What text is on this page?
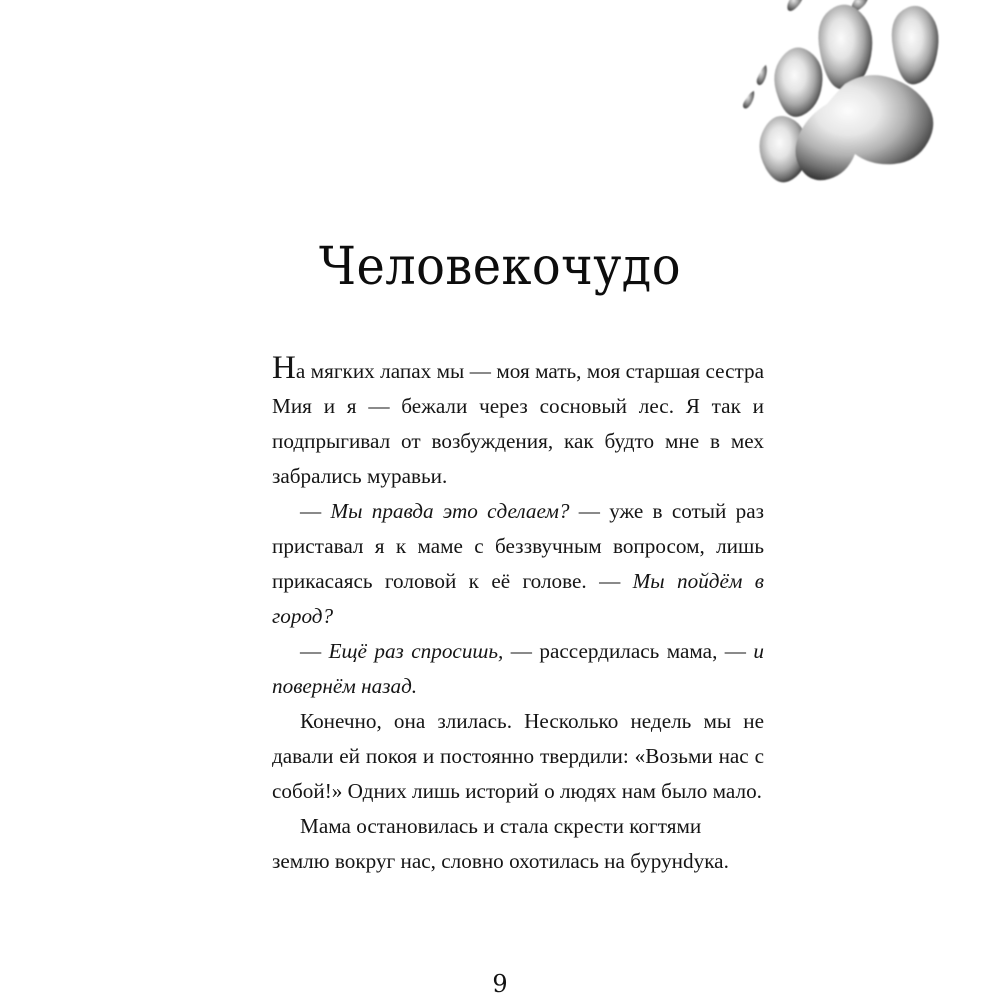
Человекочудо

На мягких лапах мы — моя мать, моя старшая сестра Мия и я — бежали через сосновый лес. Я так и подпрыгивал от возбуждения, как будто мне в мех забрались муравьи.

— Мы правда это сделаем? — уже в сотый раз приставал я к маме с беззвучным вопросом, лишь прикасаясь головой к её голове. — Мы пойдём в город?

— Ещё раз спросишь, — рассердилась мама, — и повернём назад.

Конечно, она злилась. Несколько недель мы не давали ей покоя и постоянно твердили: «Возьми нас с собой!» Одних лишь историй о людях нам было мало.

Мама остановилась и стала скрести когтями землю вокруг нас, словно охотилась на бурунdука.

9
